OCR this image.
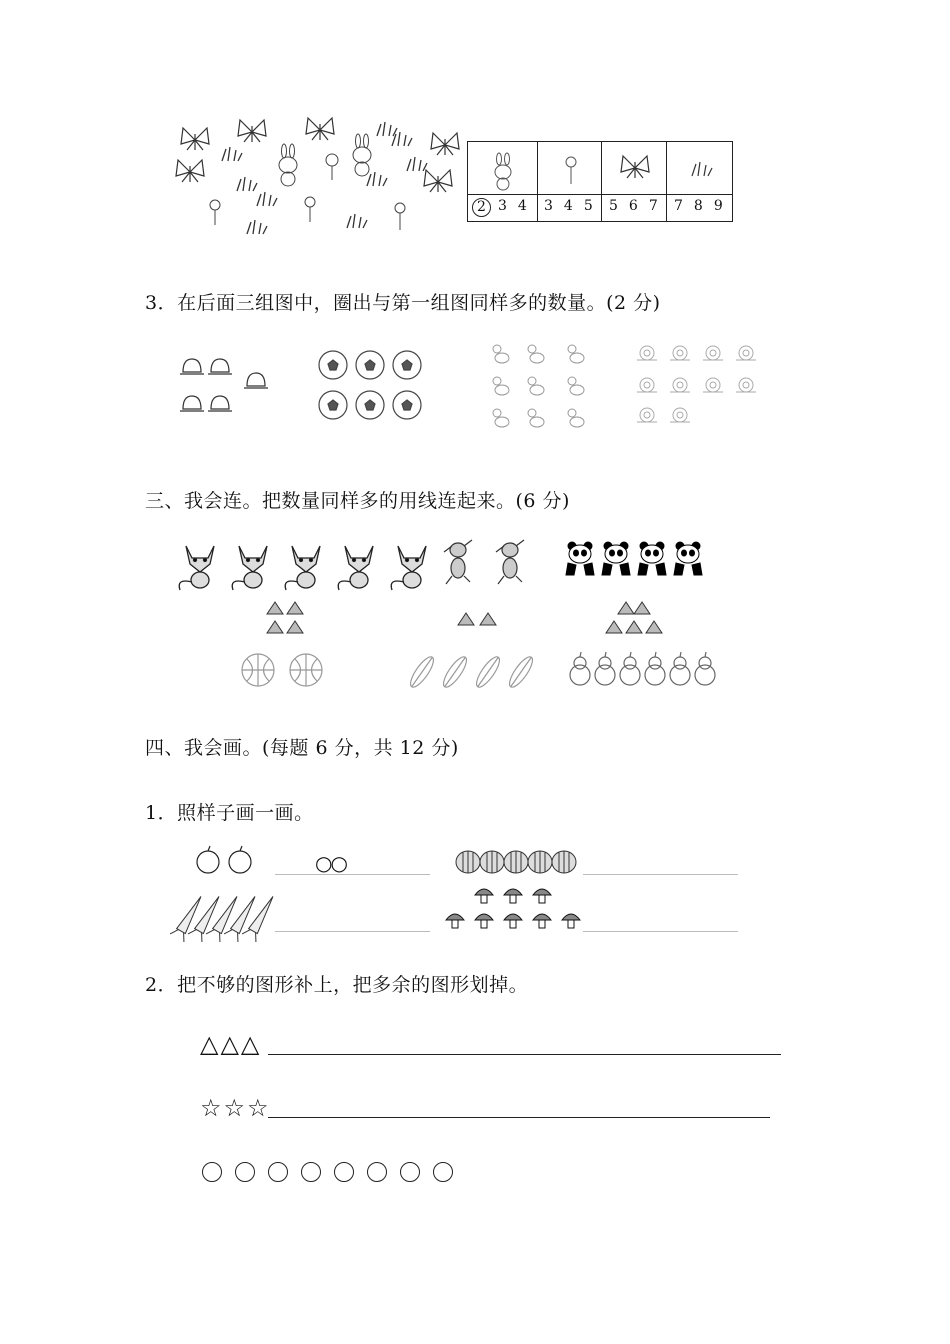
2 3 4 3 4 5 5 6 7 7 8 9
3．在后面三组图中，圈出与第一组图同样多的数量。(2 分)
三、我会连。把数量同样多的用线连起来。(6 分)
四、我会画。(每题 6 分，共 12 分)
1．照样子画一画。
○○
2．把不够的图形补上，把多余的图形划掉。
△△△
☆☆☆
